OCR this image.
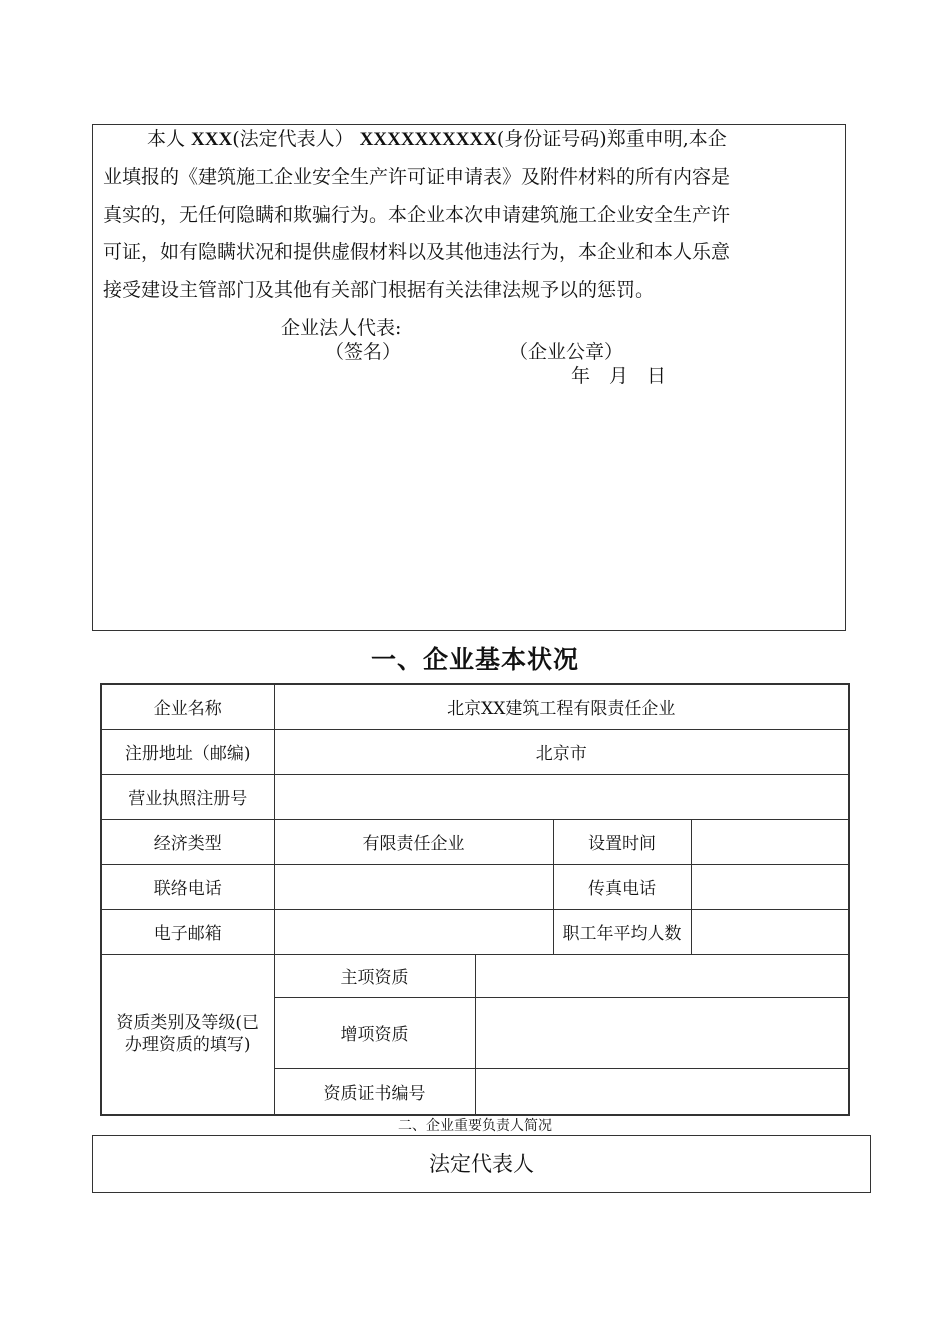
本人 XXX(法定代表人） XXXXXXXXXX(身份证号码)郑重申明,本企
业填报的《建筑施工企业安全生产许可证申请表》及附件材料的所有内容是
真实的，无任何隐瞒和欺骗行为。本企业本次申请建筑施工企业安全生产许
可证，如有隐瞒状况和提供虚假材料以及其他违法行为，本企业和本人乐意
接受建设主管部门及其他有关部门根据有关法律法规予以的惩罚。
企业法人代表:
（签名）	（企业公章）
年　月　日
一、企业基本状况
企业名称	北京XX建筑工程有限责任企业			
注册地址（邮编)	北京市			
营业执照注册号				
经济类型	有限责任企业		设置时间	
联络电话			传真电话	
电子邮箱			职工年平均人数	
资质类别及等级(已办理资质的填写)	主项资质			
	增项资质			
	资质证书编号			
二、企业重要负责人简况
法定代表人
